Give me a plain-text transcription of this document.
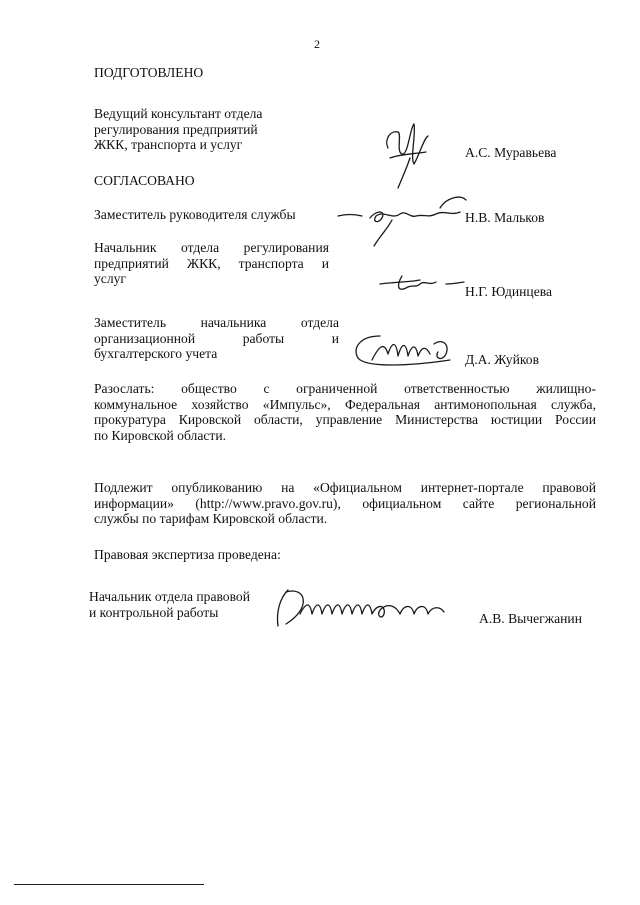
2
ПОДГОТОВЛЕНО
Ведущий консультант отдела
регулирования предприятий
ЖКК, транспорта и услуг
А.С. Муравьева
СОГЛАСОВАНО
Заместитель руководителя службы	Н.В. Мальков
Начальник отдела регулирования
предприятий ЖКК, транспорта и
услуг
Н.Г. Юдинцева
Заместитель начальника отдела
организационной работы и
бухгалтерского учета	Д.А. Жуйков
Разослать: общество с ограниченной ответственностью жилищно-
коммунальное хозяйство «Импульс», Федеральная антимонопольная служба,
прокуратура Кировской области, управление Министерства юстиции России
по Кировской области.
Подлежит опубликованию на «Официальном интернет-портале правовой
информации» (http://www.pravo.gov.ru), официальном сайте региональной
службы по тарифам Кировской области.
Правовая экспертиза проведена:
Начальник отдела правовой
и контрольной работы	А.В. Вычегжанин
